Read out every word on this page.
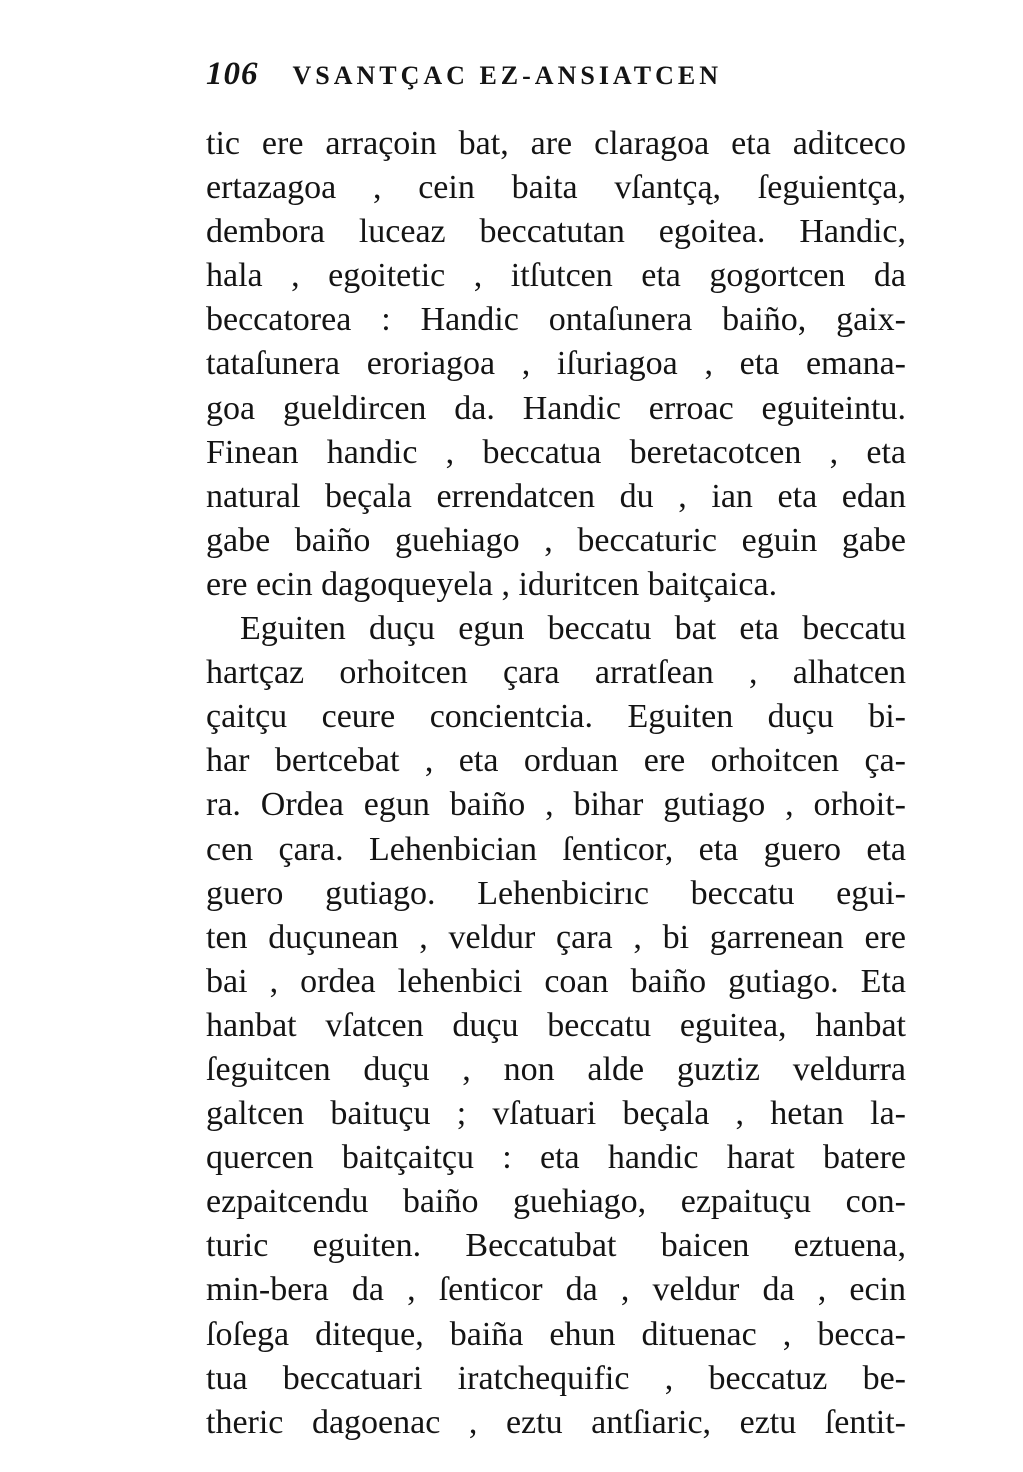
106 VSANTÇAC EZ-ANSIATCEN
tic ere arraçoin bat, are claragoa eta aditceco
ertazagoa , cein baita vſantçą, ſeguientça,
dembora luceaz beccatutan egoitea. Handic,
hala , egoitetic , itſutcen eta gogortcen da
beccatorea : Handic ontaſunera baiño, gaix-
tataſunera eroriagoa , iſuriagoa , eta emana-
goa gueldircen da. Handic erroac eguiteintu.
Finean handic , beccatua beretacotcen , eta
natural beçala errendatcen du , ian eta edan
gabe baiño guehiago , beccaturic eguin gabe
ere ecin dagoqueyela , iduritcen baitçaica.
Eguiten duçu egun beccatu bat eta beccatu
hartçaz orhoitcen çara arratſean , alhatcen
çaitçu ceure concientcia. Eguiten duçu bi-
har bertcebat , eta orduan ere orhoitcen ça-
ra. Ordea egun baiño , bihar gutiago , orhoit-
cen çara. Lehenbician ſenticor, eta guero eta
guero gutiago. Lehenbicirıc beccatu egui-
ten duçunean , veldur çara , bi garrenean ere
bai , ordea lehenbici coan baiño gutiago. Eta
hanbat vſatcen duçu beccatu eguitea, hanbat
ſeguitcen duçu , non alde guztiz veldurra
galtcen baituçu ; vſatuari beçala , hetan la-
quercen baitçaitçu : eta handic harat batere
ezpaitcendu baiño guehiago, ezpaituçu con-
turic eguiten. Beccatubat baicen eztuena,
min-bera da , ſenticor da , veldur da , ecin
ſoſega diteque, baiña ehun dituenac , becca-
tua beccatuari iratchequific , beccatuz be-
theric dagoenac , eztu antſiaric, eztu ſentit-
